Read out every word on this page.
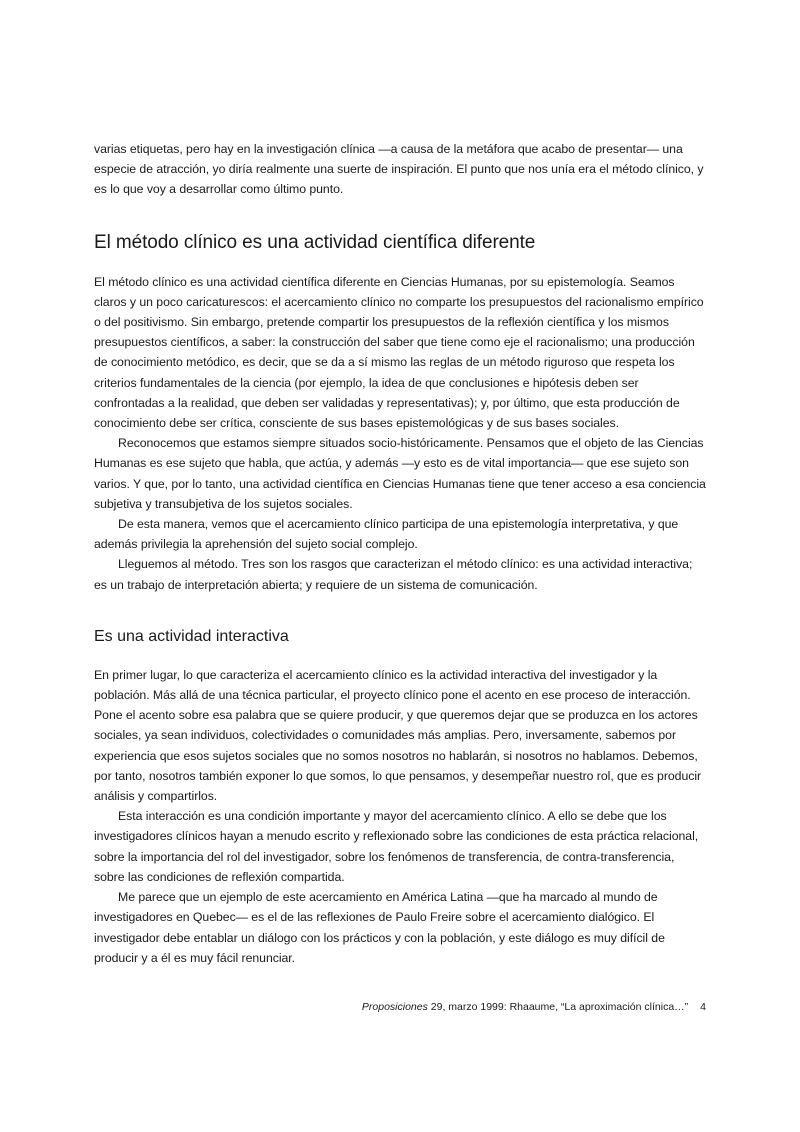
varias etiquetas, pero hay en la investigación clínica —a causa de la metáfora que acabo de presentar— una especie de atracción, yo diría realmente una suerte de inspiración. El punto que nos unía era el método clínico, y es lo que voy a desarrollar como último punto.

El método clínico es una actividad científica diferente

El método clínico es una actividad científica diferente en Ciencias Humanas, por su epistemología. Seamos claros y un poco caricaturescos: el acercamiento clínico no comparte los presupuestos del racionalismo empírico o del positivismo. Sin embargo, pretende compartir los presupuestos de la reflexión científica y los mismos presupuestos científicos, a saber: la construcción del saber que tiene como eje el racionalismo; una producción de conocimiento metódico, es decir, que se da a sí mismo las reglas de un método riguroso que respeta los criterios fundamentales de la ciencia (por ejemplo, la idea de que conclusiones e hipótesis deben ser confrontadas a la realidad, que deben ser validadas y representativas); y, por último, que esta producción de conocimiento debe ser crítica, consciente de sus bases epistemológicas y de sus bases sociales.

Reconocemos que estamos siempre situados socio-históricamente. Pensamos que el objeto de las Ciencias Humanas es ese sujeto que habla, que actúa, y además —y esto es de vital importancia— que ese sujeto son varios. Y que, por lo tanto, una actividad científica en Ciencias Humanas tiene que tener acceso a esa conciencia subjetiva y transubjetiva de los sujetos sociales.

De esta manera, vemos que el acercamiento clínico participa de una epistemología interpretativa, y que además privilegia la aprehensión del sujeto social complejo.

Lleguemos al método. Tres son los rasgos que caracterizan el método clínico: es una actividad interactiva; es un trabajo de interpretación abierta; y requiere de un sistema de comunicación.

Es una actividad interactiva

En primer lugar, lo que caracteriza el acercamiento clínico es la actividad interactiva del investigador y la población. Más allá de una técnica particular, el proyecto clínico pone el acento en ese proceso de interacción. Pone el acento sobre esa palabra que se quiere producir, y que queremos dejar que se produzca en los actores sociales, ya sean individuos, colectividades o comunidades más amplias. Pero, inversamente, sabemos por experiencia que esos sujetos sociales que no somos nosotros no hablarán, si nosotros no hablamos. Debemos, por tanto, nosotros también exponer lo que somos, lo que pensamos, y desempeñar nuestro rol, que es producir análisis y compartirlos.

Esta interacción es una condición importante y mayor del acercamiento clínico. A ello se debe que los investigadores clínicos hayan a menudo escrito y reflexionado sobre las condiciones de esta práctica relacional, sobre la importancia del rol del investigador, sobre los fenómenos de transferencia, de contra-transferencia, sobre las condiciones de reflexión compartida.

Me parece que un ejemplo de este acercamiento en América Latina —que ha marcado al mundo de investigadores en Quebec— es el de las reflexiones de Paulo Freire sobre el acercamiento dialógico. El investigador debe entablar un diálogo con los prácticos y con la población, y este diálogo es muy difícil de producir y a él es muy fácil renunciar.

Proposiciones 29, marzo 1999: Rhaaume, “La aproximación clínica…” 4
